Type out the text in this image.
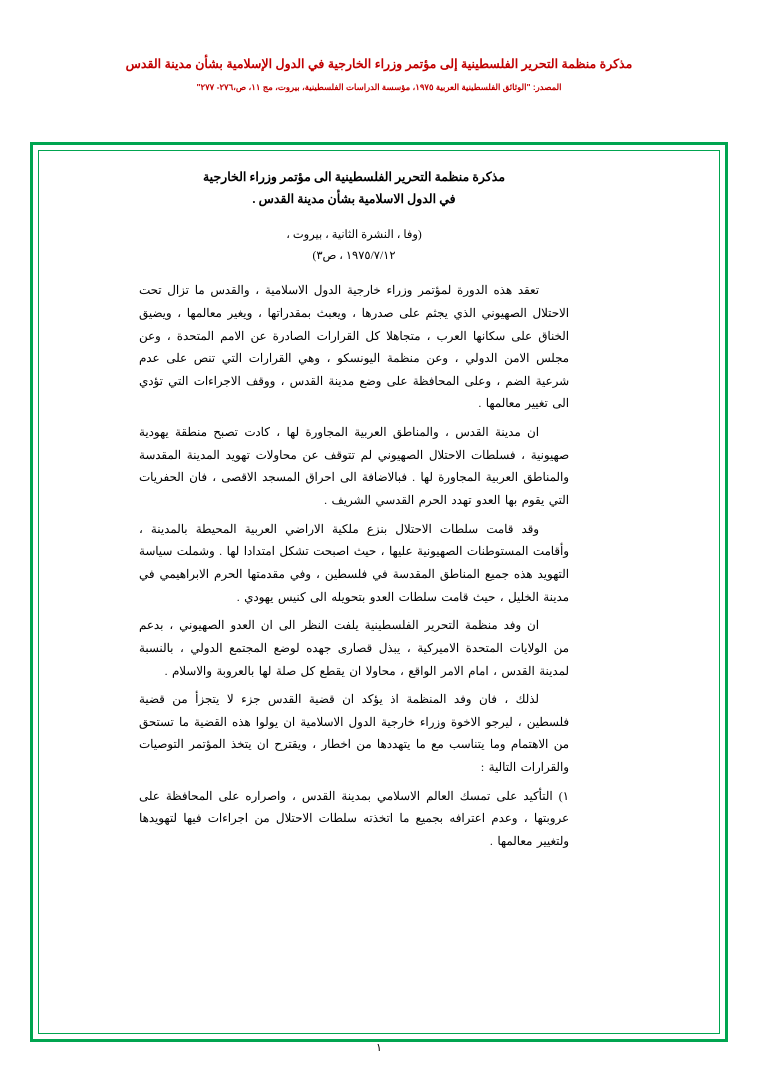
مذكرة منظمة التحرير الفلسطينية إلى مؤتمر وزراء الخارجية في الدول الإسلامية بشأن مدينة القدس
المصدر: "الوثائق الفلسطينية العربية ١٩٧٥، مؤسسة الدراسات الفلسطينية، بيروت، مج ١١، ص،٢٧٦- ٢٧٧"
مذكرة منظمة التحرير الفلسطينية الى مؤتمر وزراء الخارجية
في الدول الاسلامية بشأن مدينة القدس .
(وفا ، النشرة الثانية ، بيروت ،
١٩٧٥/٧/١٢ ، ص٣)

تعقد هذه الدورة لمؤتمر وزراء خارجية الدول الاسلامية ، والقدس ما تزال تحت الاحتلال الصهيوني الذي يجثم على صدرها ، ويعبث بمقدراتها ، ويغير معالمها ، ويضيق الخناق على سكانها العرب ، متجاهلا كل القرارات الصادرة عن الامم المتحدة ، وعن مجلس الامن الدولي ، وعن منظمة اليونسكو ، وهي القرارات التي تنص على عدم شرعية الضم ، وعلى المحافظة على وضع مدينة القدس ، ووقف الاجراءات التي تؤدي الى تغيير معالمها .

ان مدينة القدس ، والمناطق العربية المجاورة لها ، كادت تصبح منطقة يهودية صهيونية ، فسلطات الاحتلال الصهيوني لم تتوقف عن محاولات تهويد المدينة المقدسة والمناطق العربية المجاورة لها . فبالاضافة الى احراق المسجد الاقصى ، فان الحفريات التي يقوم بها العدو تهدد الحرم القدسي الشريف .

وقد قامت سلطات الاحتلال بنزع ملكية الاراضي العربية المحيطة بالمدينة ، وأقامت المستوطنات الصهيونية عليها ، حيث اصبحت تشكل امتدادا لها . وشملت سياسة التهويد هذه جميع المناطق المقدسة في فلسطين ، وفي مقدمتها الحرم الابراهيمي في مدينة الخليل ، حيث قامت سلطات العدو بتحويله الى كنيس يهودي .

ان وفد منظمة التحرير الفلسطينية يلفت النظر الى ان العدو الصهيوني ، بدعم من الولايات المتحدة الاميركية ، يبذل قصارى جهده لوضع المجتمع الدولي ، بالنسبة لمدينة القدس ، امام الامر الواقع ، محاولا ان يقطع كل صلة لها بالعروبة والاسلام .

لذلك ، فان وفد المنظمة اذ يؤكد ان قضية القدس جزء لا يتجزأ من قضية فلسطين ، ليرجو الاخوة وزراء خارجية الدول الاسلامية ان يولوا هذه القضية ما تستحق من الاهتمام وما يتناسب مع ما يتهددها من اخطار ، ويقترح ان يتخذ المؤتمر التوصيات والقرارات التالية :

١) التأكيد على تمسك العالم الاسلامي بمدينة القدس ، واصراره على المحافظة على عروبتها ، وعدم اعترافه بجميع ما اتخذته سلطات الاحتلال من اجراءات فيها لتهويدها ولتغيير معالمها .

١
